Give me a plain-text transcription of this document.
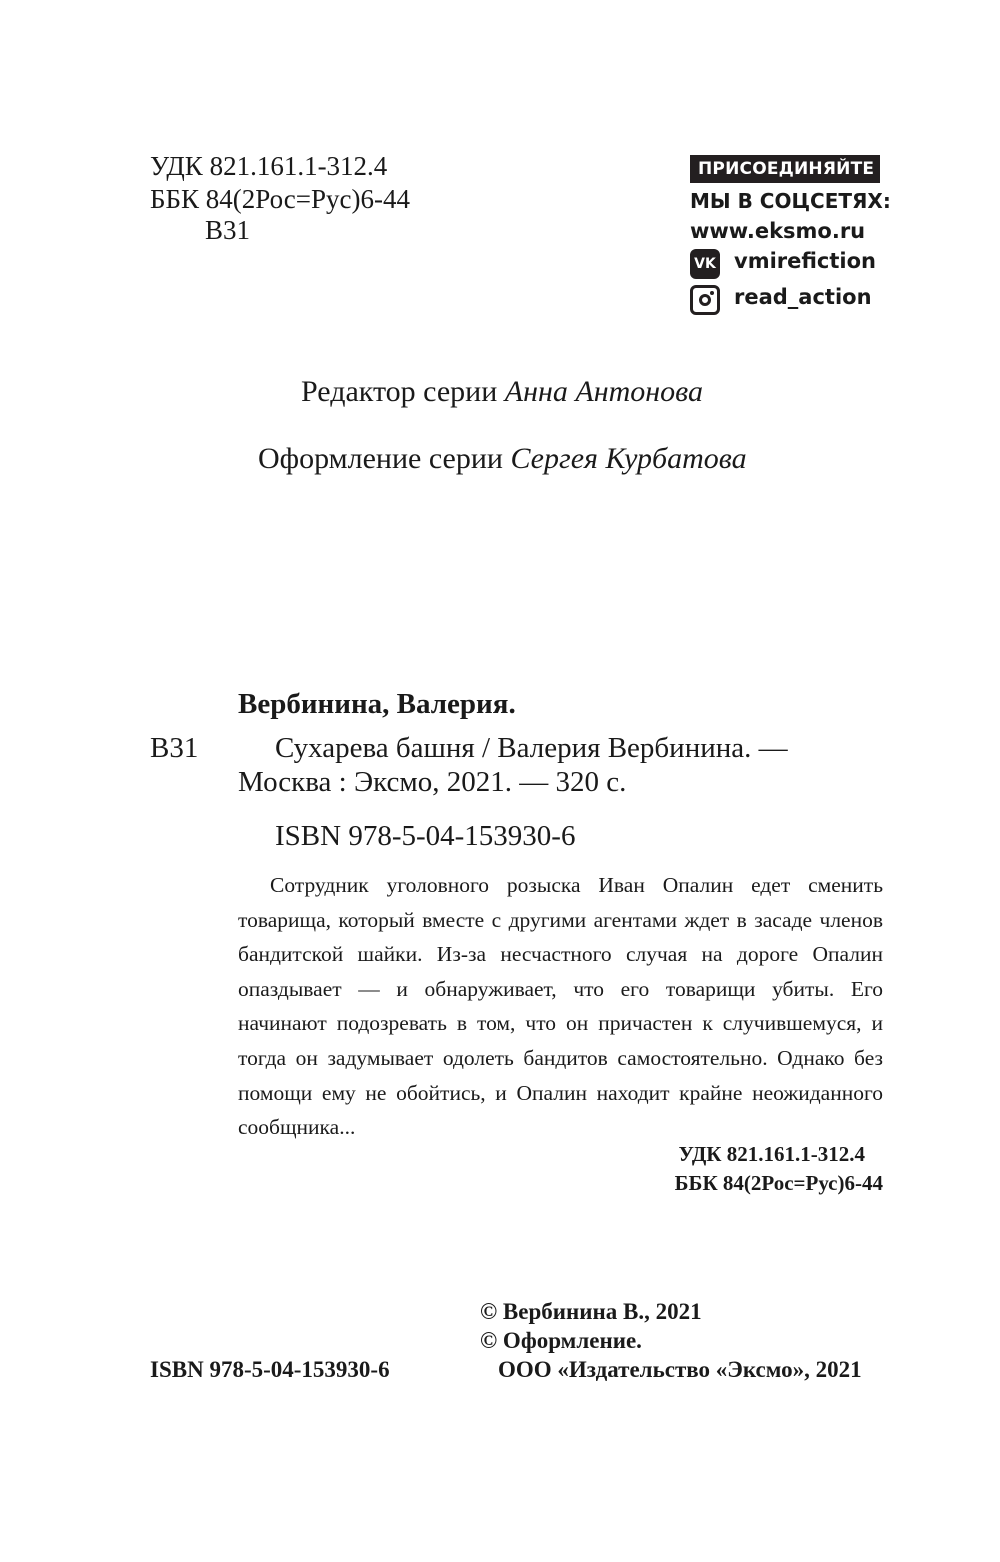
УДК 821.161.1-312.4
ББК 84(2Рос=Рус)6-44
В31
ПРИСОЕДИНЯЙТЕ
МЫ В СОЦСЕТЯХ:
www.eksmo.ru
VK vmirefiction
read_action
Редактор серии Анна Антонова
Оформление серии Сергея Курбатова
Вербинина, Валерия.
В31	Сухарева башня / Валерия Вербинина. —
Москва : Эксмо, 2021. — 320 с.
ISBN 978-5-04-153930-6

Сотрудник уголовного розыска Иван Опалин едет сменить товарища, который вместе с другими агентами ждет в засаде членов бандитской шайки. Из-за несчастного случая на дороге Опалин опаздывает — и обнаруживает, что его товарищи убиты. Его начинают подозревать в том, что он причастен к случившемуся, и тогда он задумывает одолеть бандитов самостоятельно. Однако без помощи ему не обойтись, и Опалин находит крайне неожиданного сообщника...

УДК 821.161.1-312.4
ББК 84(2Рос=Рус)6-44
© Вербинина В., 2021
© Оформление.
ISBN 978-5-04-153930-6	ООО «Издательство «Эксмо», 2021
